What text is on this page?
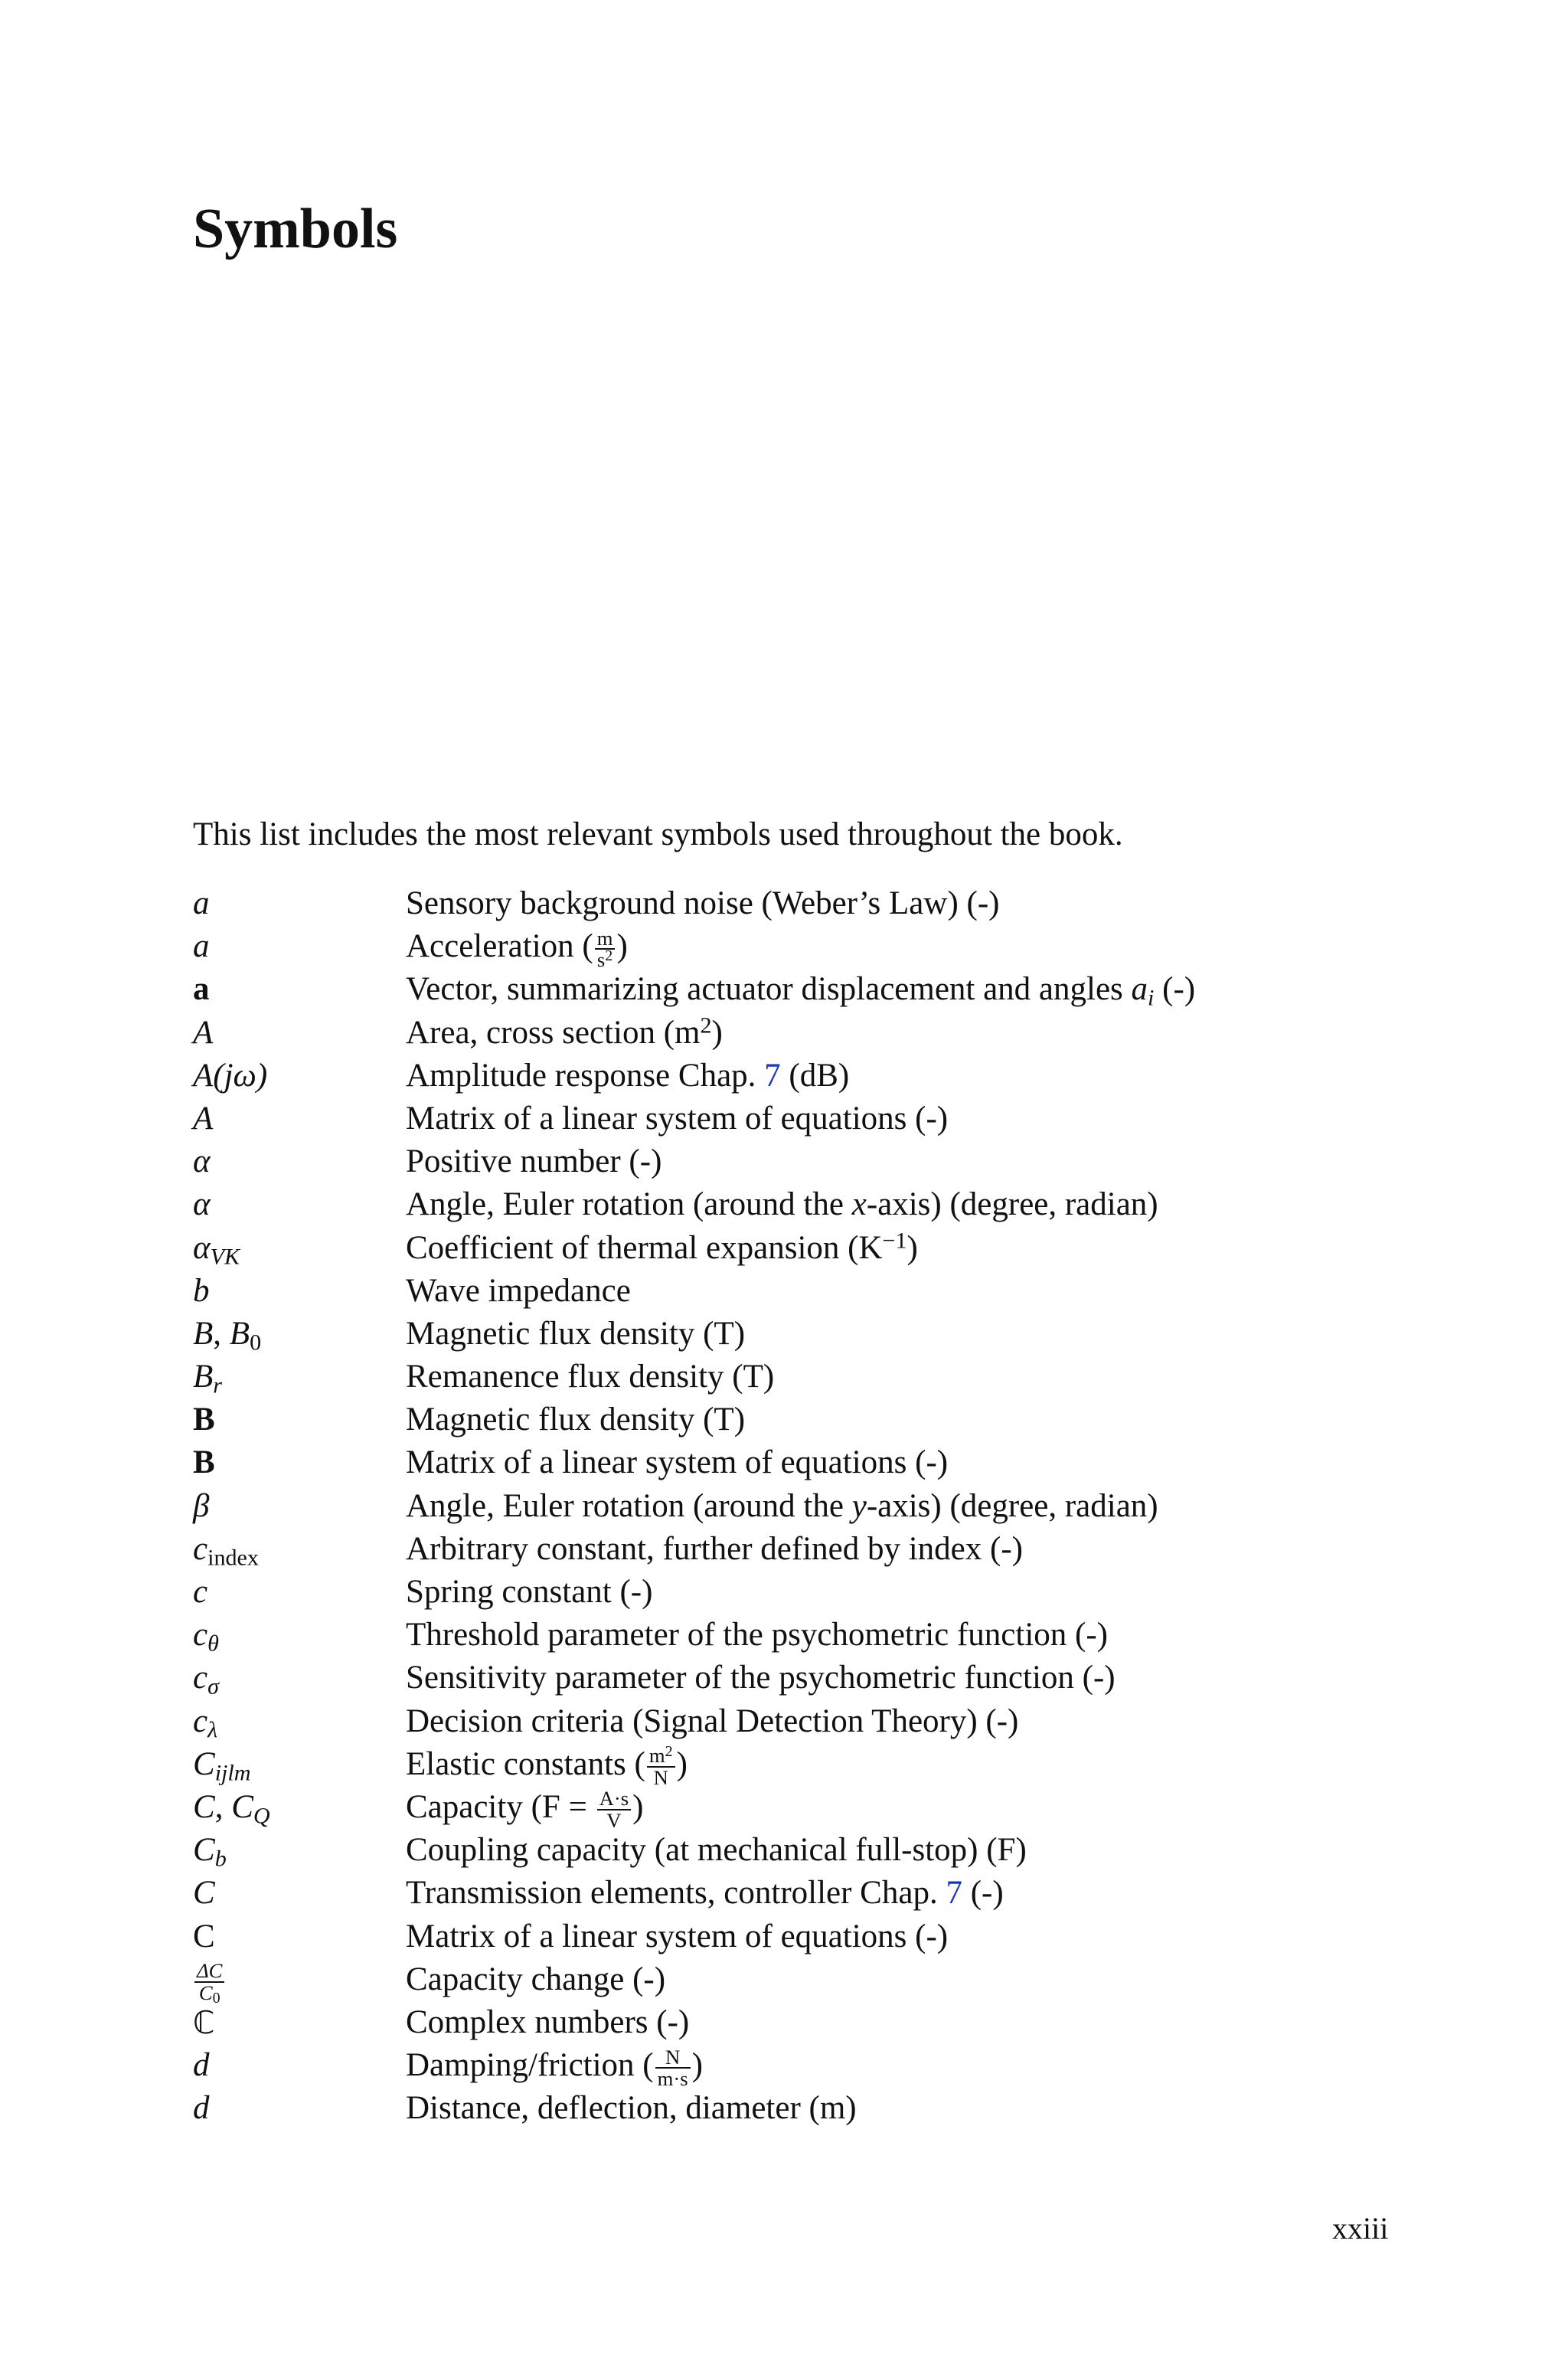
Symbols
This list includes the most relevant symbols used throughout the book.
a	Sensory background noise (Weber’s Law) (-)
a	Acceleration ( $\frac{m}{s^2}$ )
a	Vector, summarizing actuator displacement and angles $a_i$ (-)
A	Area, cross section $(m^2)$
A(jω)	Amplitude response Chap. 7 (dB)
A	Matrix of a linear system of equations (-)
α	Positive number (-)
α	Angle, Euler rotation (around the x-axis) (degree, radian)
$\alpha_{VK}$	Coefficient of thermal expansion $(K^{-1})$
b	Wave impedance
B, $B_0$	Magnetic flux density (T)
$B_r$	Remanence flux density (T)
B	Magnetic flux density (T)
B	Matrix of a linear system of equations (-)
β	Angle, Euler rotation (around the y-axis) (degree, radian)
$c_{index}$	Arbitrary constant, further defined by index (-)
c	Spring constant (-)
$c_\theta$	Threshold parameter of the psychometric function (-)
$c_\sigma$	Sensitivity parameter of the psychometric function (-)
$c_\lambda$	Decision criteria (Signal Detection Theory) (-)
$C_{ijlm}$	Elastic constants ( $\frac{m^2}{N}$ )
C, $C_Q$	Capacity ($F = \frac{A\cdot s}{V}$ )
$C_b$	Coupling capacity (at mechanical full-stop) (F)
C	Transmission elements, controller Chap. 7 (-)
C	Matrix of a linear system of equations (-)
$\frac{\Delta C}{C0}$	Capacity change (-)
ℂ	Complex numbers (-)
d	Damping/friction ( $\frac{N}{m\cdot s}$ )
d	Distance, deflection, diameter (m)
xxiii
